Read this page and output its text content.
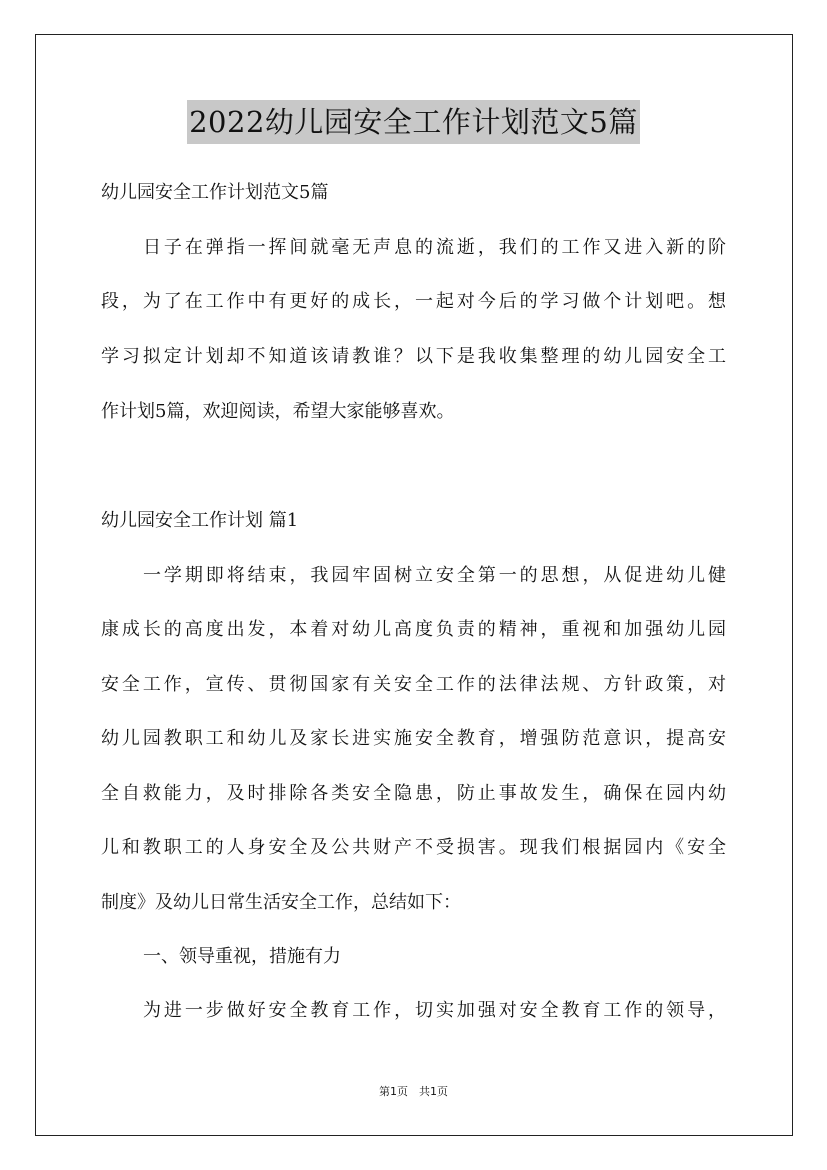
2022幼儿园安全工作计划范文5篇
幼儿园安全工作计划范文5篇
日子在弹指一挥间就毫无声息的流逝，我们的工作又进入新的阶
段，为了在工作中有更好的成长，一起对今后的学习做个计划吧。想
学习拟定计划却不知道该请教谁？以下是我收集整理的幼儿园安全工
作计划5篇，欢迎阅读，希望大家能够喜欢。
幼儿园安全工作计划 篇1
一学期即将结束，我园牢固树立安全第一的思想，从促进幼儿健
康成长的高度出发，本着对幼儿高度负责的精神，重视和加强幼儿园
安全工作，宣传、贯彻国家有关安全工作的法律法规、方针政策，对
幼儿园教职工和幼儿及家长进实施安全教育，增强防范意识，提高安
全自救能力，及时排除各类安全隐患，防止事故发生，确保在园内幼
儿和教职工的人身安全及公共财产不受损害。现我们根据园内《安全
制度》及幼儿日常生活安全工作，总结如下：
一、领导重视，措施有力
为进一步做好安全教育工作，切实加强对安全教育工作的领导，
第1页　共1页
